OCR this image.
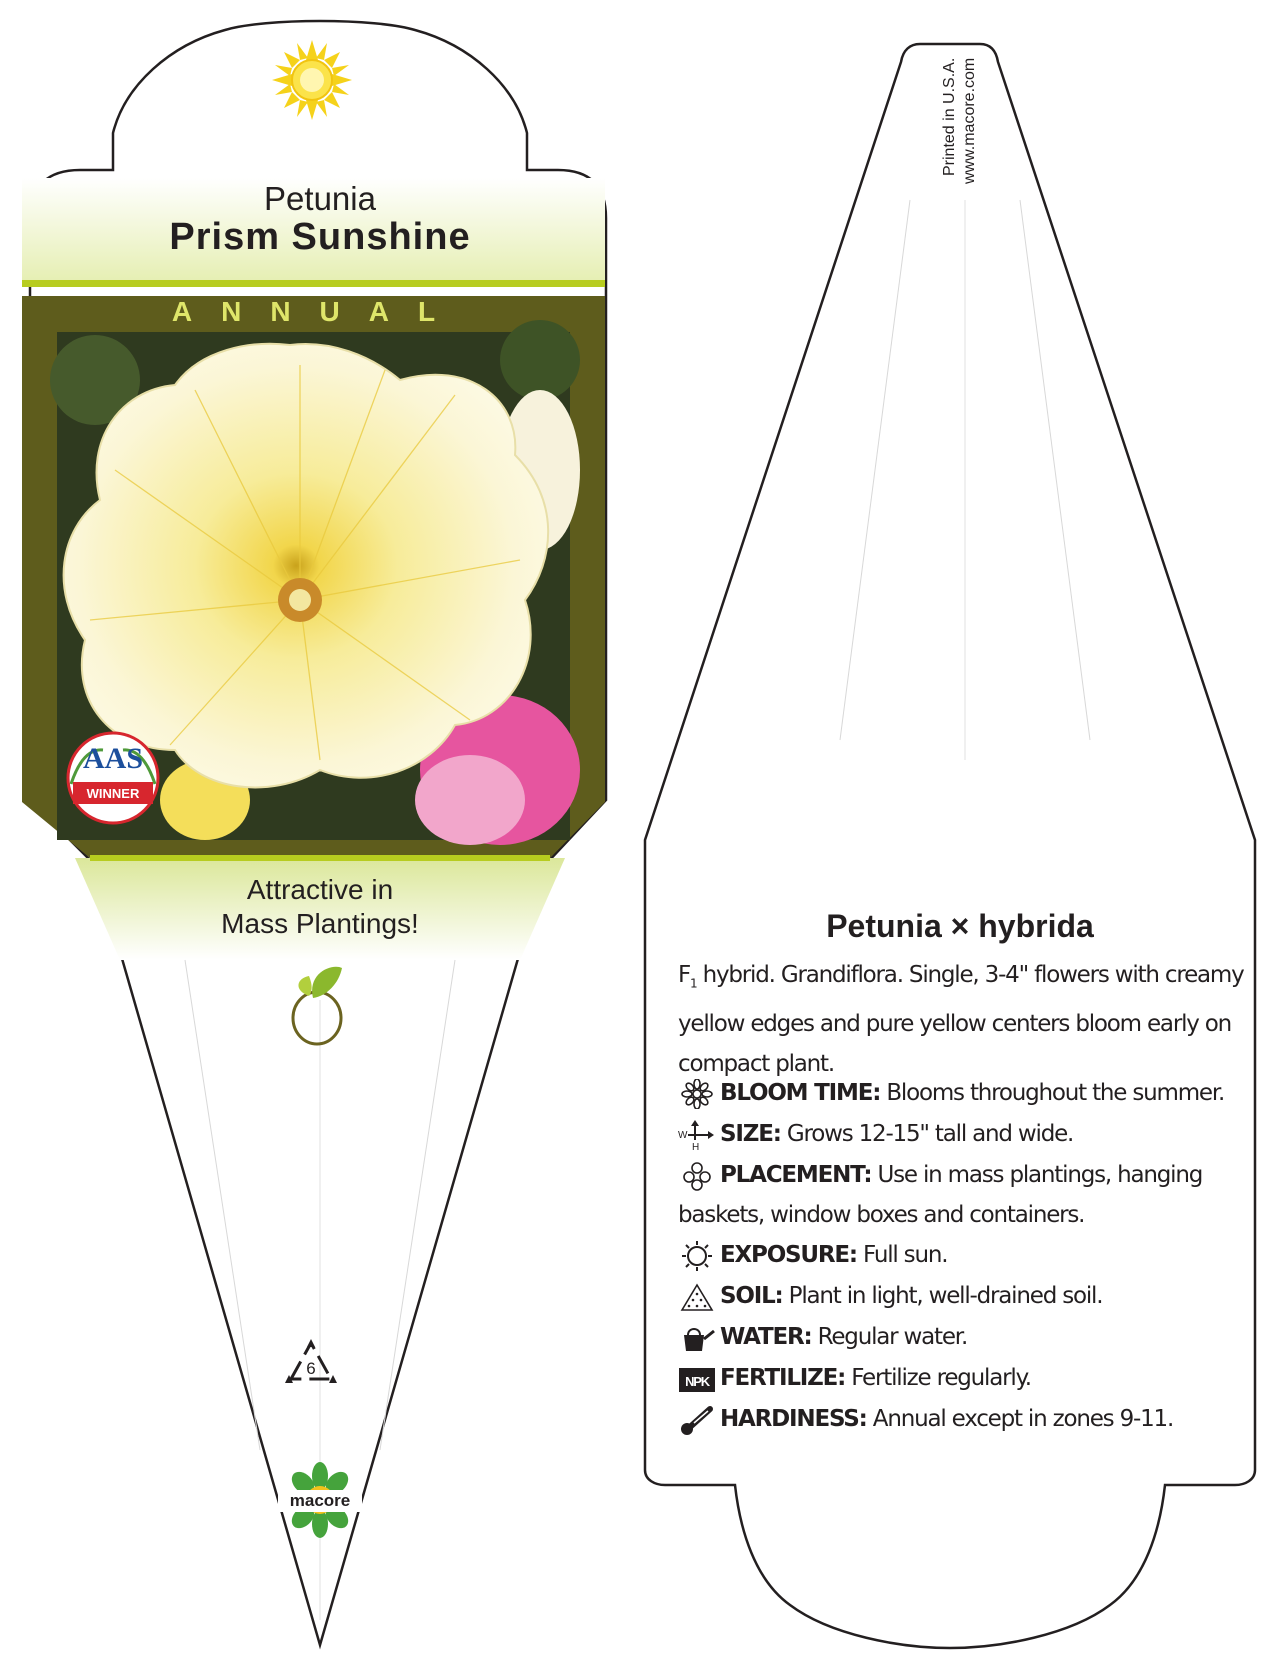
Petunia
Prism Sunshine
ANNUAL
Attractive in
Mass Plantings!
AAS
WINNER
6
macore
Printed in U.S.A. www.macore.com
Petunia × hybrida
$F_1$ hybrid. Grandiflora. Single, 3-4" flowers with creamy yellow edges and pure yellow centers bloom early on compact plant.
BLOOM TIME: Blooms throughout the summer.
W
H SIZE: Grows 12-15" tall and wide.
PLACEMENT: Use in mass plantings, hanging baskets, window boxes and containers.
EXPOSURE: Full sun.
SOIL: Plant in light, well-drained soil.
WATER: Regular water.
NPK FERTILIZE: Fertilize regularly.
HARDINESS: Annual except in zones 9-11.
